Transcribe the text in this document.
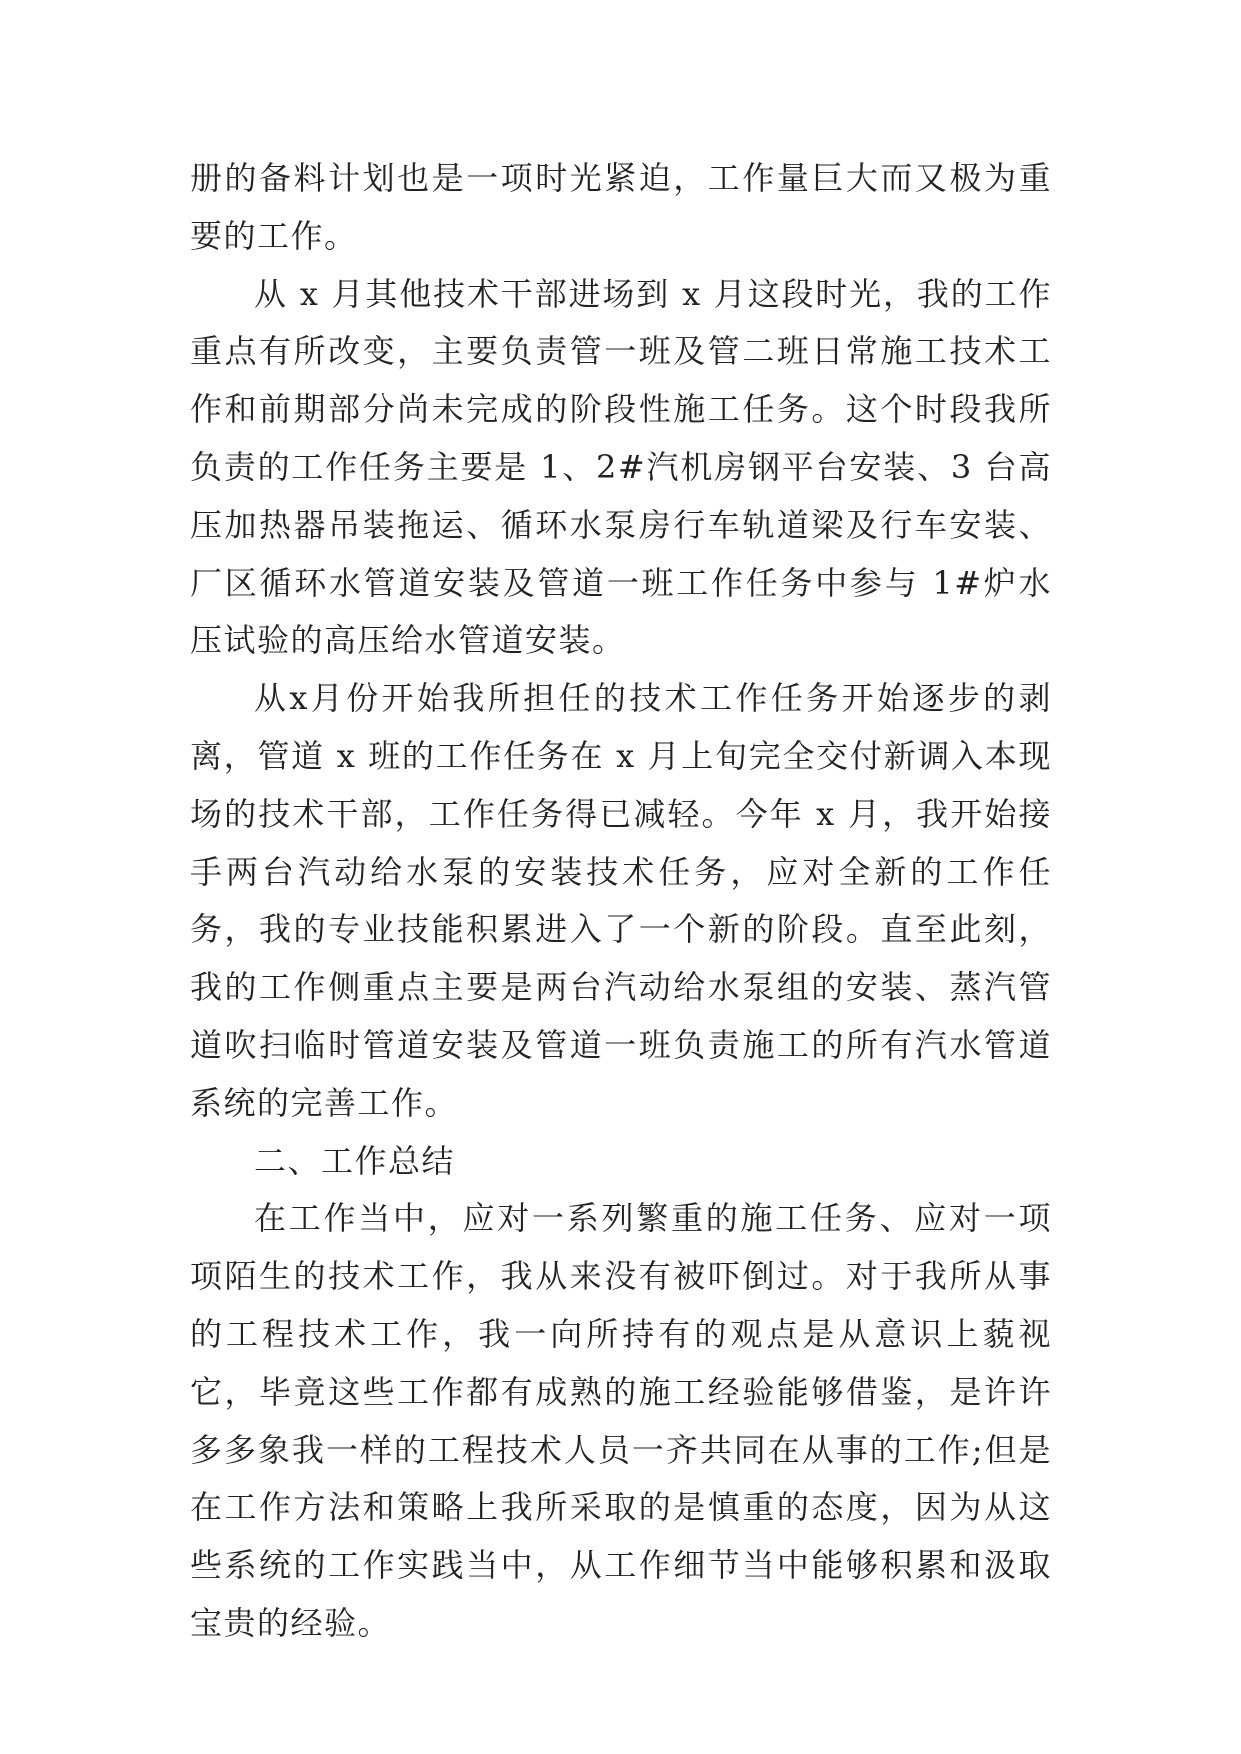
册的备料计划也是一项时光紧迫，工作量巨大而又极为重要的工作。

从 x 月其他技术干部进场到 x 月这段时光，我的工作重点有所改变，主要负责管一班及管二班日常施工技术工作和前期部分尚未完成的阶段性施工任务。这个时段我所负责的工作任务主要是 1、2#汽机房钢平台安装、3 台高压加热器吊装拖运、循环水泵房行车轨道梁及行车安装、厂区循环水管道安装及管道一班工作任务中参与 1#炉水压试验的高压给水管道安装。

从x月份开始我所担任的技术工作任务开始逐步的剥离，管道 x 班的工作任务在 x 月上旬完全交付新调入本现场的技术干部，工作任务得已减轻。今年 x 月，我开始接手两台汽动给水泵的安装技术任务，应对全新的工作任务，我的专业技能积累进入了一个新的阶段。直至此刻，我的工作侧重点主要是两台汽动给水泵组的安装、蒸汽管道吹扫临时管道安装及管道一班负责施工的所有汽水管道系统的完善工作。

二、工作总结

在工作当中，应对一系列繁重的施工任务、应对一项项陌生的技术工作，我从来没有被吓倒过。对于我所从事的工程技术工作，我一向所持有的观点是从意识上藐视它，毕竟这些工作都有成熟的施工经验能够借鉴，是许许多多象我一样的工程技术人员一齐共同在从事的工作;但是在工作方法和策略上我所采取的是慎重的态度，因为从这些系统的工作实践当中，从工作细节当中能够积累和汲取宝贵的经验。
